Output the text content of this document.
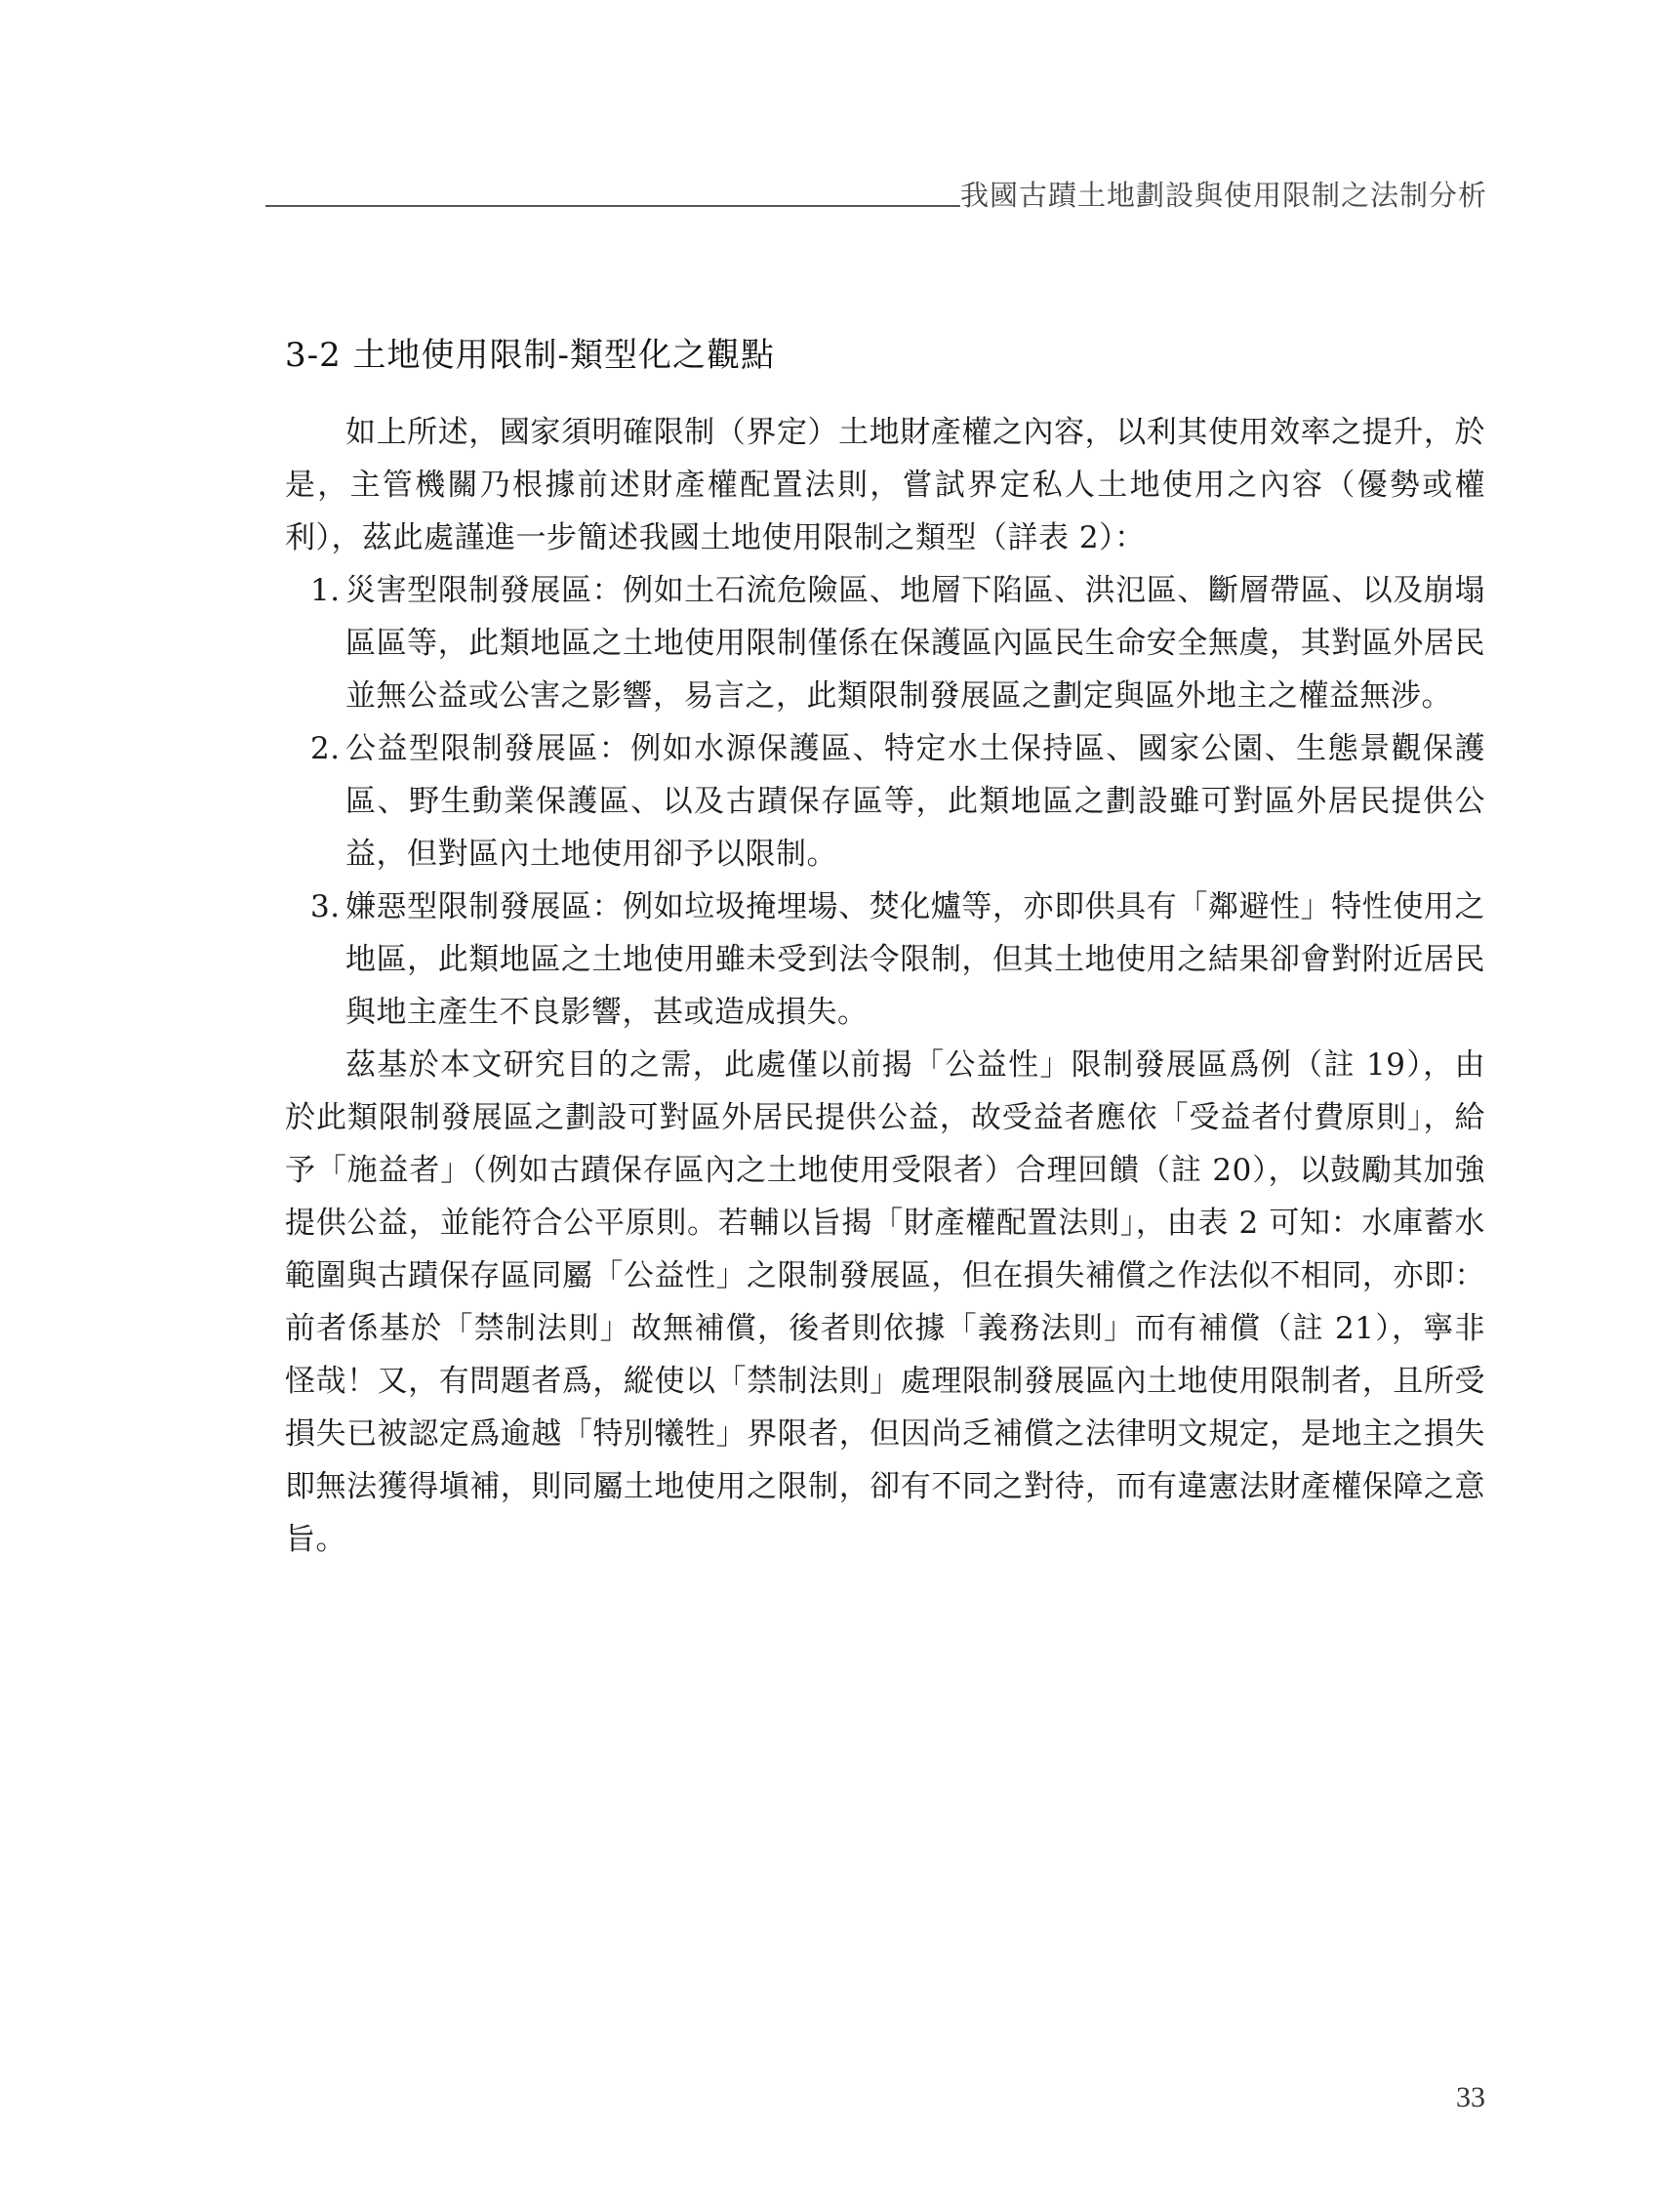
我國古蹟土地劃設與使用限制之法制分析
3-2 土地使用限制-類型化之觀點

如上所述，國家須明確限制（界定）土地財產權之內容，以利其使用效率之提升，於是，主管機關乃根據前述財產權配置法則，嘗試界定私人土地使用之內容（優勢或權利），茲此處謹進一步簡述我國土地使用限制之類型（詳表 2）：

1. 災害型限制發展區：例如土石流危險區、地層下陷區、洪氾區、斷層帶區、以及崩塌區區等，此類地區之土地使用限制僅係在保護區內區民生命安全無虞，其對區外居民並無公益或公害之影響，易言之，此類限制發展區之劃定與區外地主之權益無涉。
2. 公益型限制發展區：例如水源保護區、特定水土保持區、國家公園、生態景觀保護區、野生動業保護區、以及古蹟保存區等，此類地區之劃設雖可對區外居民提供公益，但對區內土地使用卻予以限制。
3. 嫌惡型限制發展區：例如垃圾掩埋場、焚化爐等，亦即供具有「鄰避性」特性使用之地區，此類地區之土地使用雖未受到法令限制，但其土地使用之結果卻會對附近居民與地主產生不良影響，甚或造成損失。

茲基於本文研究目的之需，此處僅以前揭「公益性」限制發展區爲例（註 19），由於此類限制發展區之劃設可對區外居民提供公益，故受益者應依「受益者付費原則」，給予「施益者」（例如古蹟保存區內之土地使用受限者）合理回饋（註 20），以鼓勵其加強提供公益，並能符合公平原則。若輔以旨揭「財產權配置法則」，由表 2 可知：水庫蓄水範圍與古蹟保存區同屬「公益性」之限制發展區，但在損失補償之作法似不相同，亦即：前者係基於「禁制法則」故無補償，後者則依據「義務法則」而有補償（註 21），寧非怪哉！又，有問題者爲，縱使以「禁制法則」處理限制發展區內土地使用限制者，且所受損失已被認定爲逾越「特別犧牲」界限者，但因尚乏補償之法律明文規定，是地主之損失即無法獲得塡補，則同屬土地使用之限制，卻有不同之對待，而有違憲法財產權保障之意旨。

33
